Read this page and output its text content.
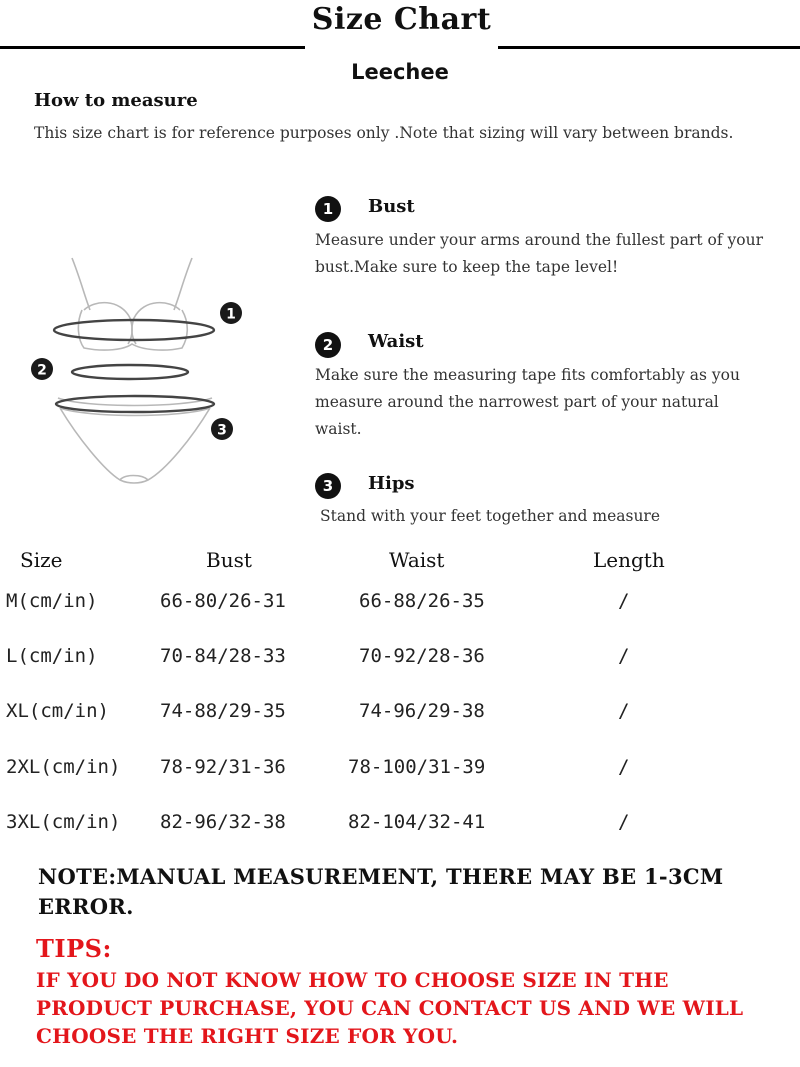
Size Chart
Leechee
How to measure
This size chart is for reference purposes only .Note that sizing will vary between brands.
1
2
3
1	Bust
Measure under your arms around the fullest part of your bust.Make sure to keep the tape level!
2	Waist
Make sure the measuring tape fits comfortably as you measure around the narrowest part of your natural waist.
3	Hips
Stand with your feet together and measure
Size	Bust	Waist	Length
M(cm/in)	66-80/26-31	66-88/26-35	/
L(cm/in)	70-84/28-33	70-92/28-36	/
XL(cm/in)	74-88/29-35	74-96/29-38	/
2XL(cm/in) 78-92/31-36	78-100/31-39	/
3XL(cm/in) 82-96/32-38	82-104/32-41	/
NOTE:MANUAL MEASUREMENT, THERE MAY BE 1-3CM ERROR.
TIPS:
IF YOU DO NOT KNOW HOW TO CHOOSE SIZE IN THE PRODUCT PURCHASE, YOU CAN CONTACT US AND WE WILL CHOOSE THE RIGHT SIZE FOR YOU.
